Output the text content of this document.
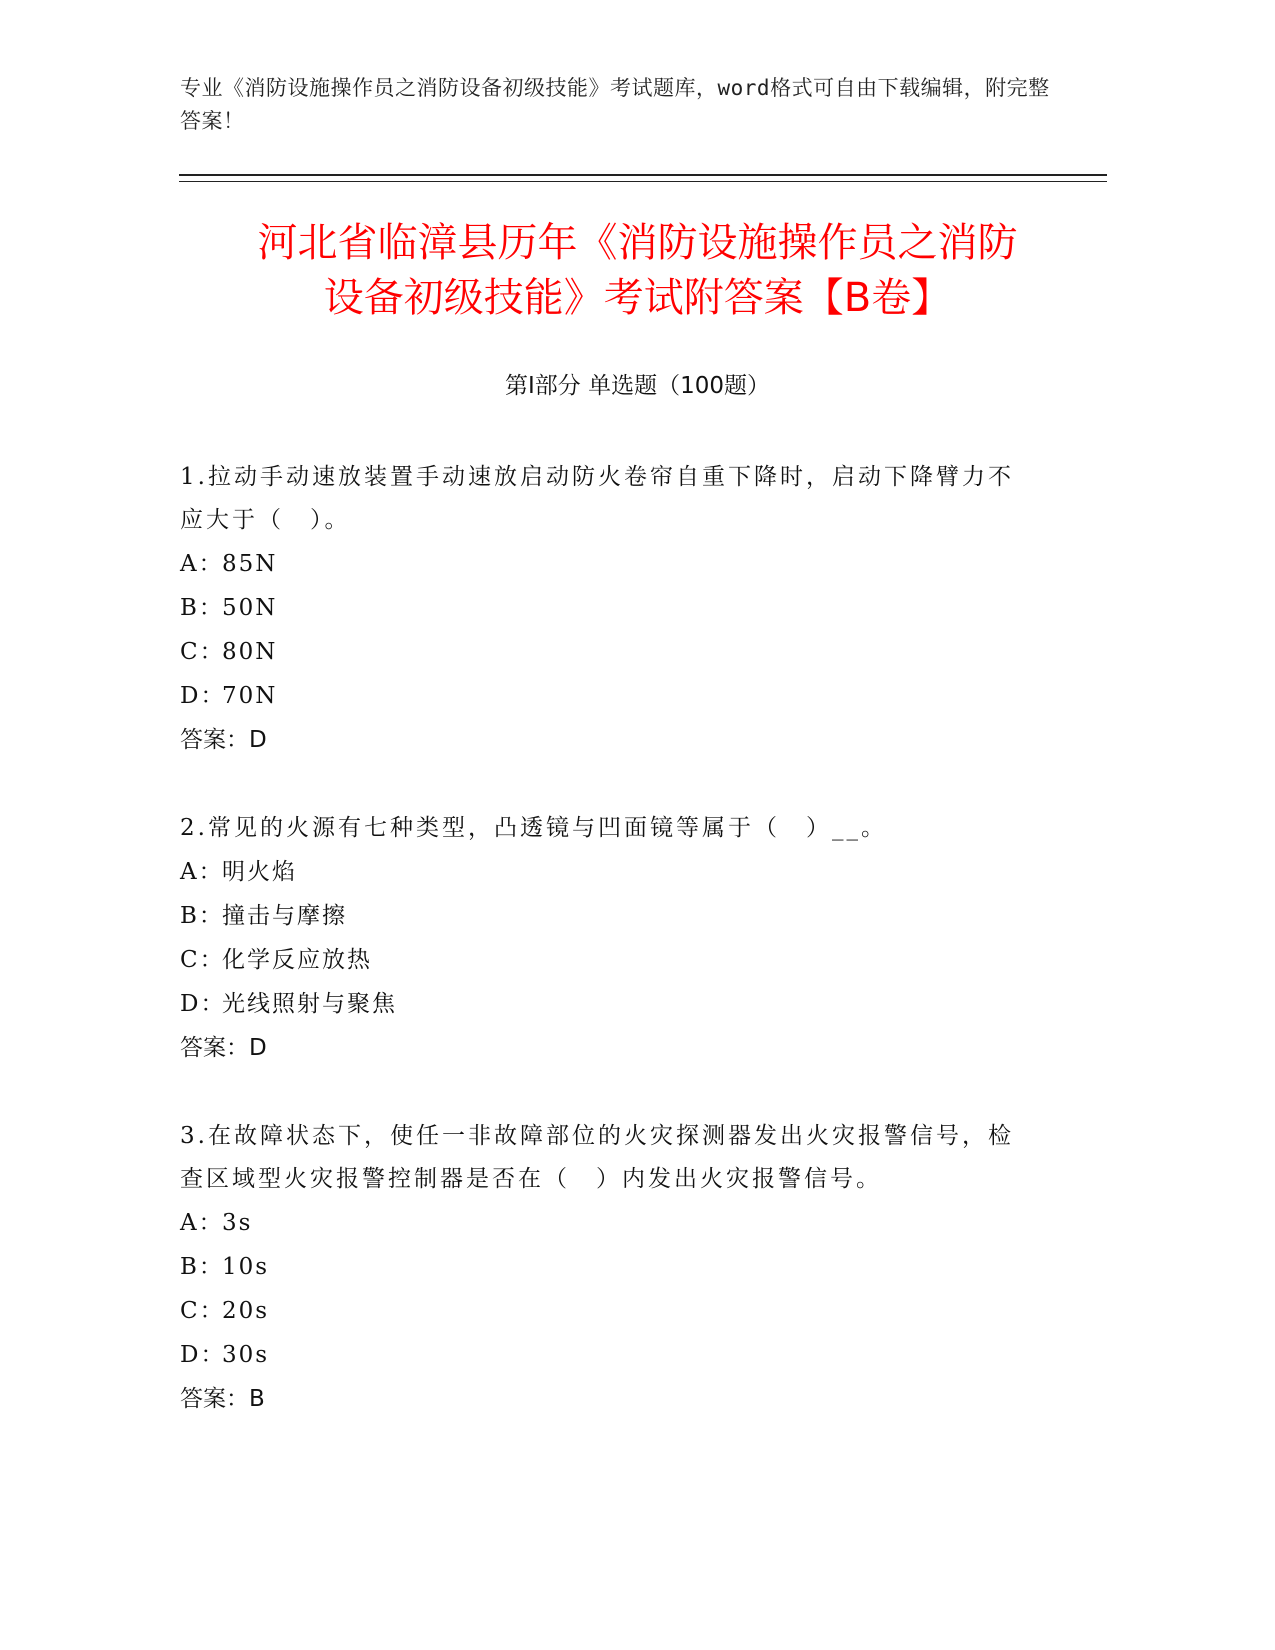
专业《消防设施操作员之消防设备初级技能》考试题库，word格式可自由下载编辑，附完整答案！
河北省临漳县历年《消防设施操作员之消防
设备初级技能》考试附答案【B卷】
第Ⅰ部分 单选题（100题）
1.拉动手动速放装置手动速放启动防火卷帘自重下降时，启动下降臂力不应大于（　）。
A：
85N
B：
50N
C：
80N
D：
70N
答案：D
2.常见的火源有七种类型，凸透镜与凹面镜等属于（　）__。
A：
明火焰
B：
撞击与摩擦
C：
化学反应放热
D：
光线照射与聚焦
答案：D
3.在故障状态下，使任一非故障部位的火灾探测器发出火灾报警信号，检查区域型火灾报警控制器是否在（　）内发出火灾报警信号。
A：
3s
B：
10s
C：
20s
D：
30s
答案：B
